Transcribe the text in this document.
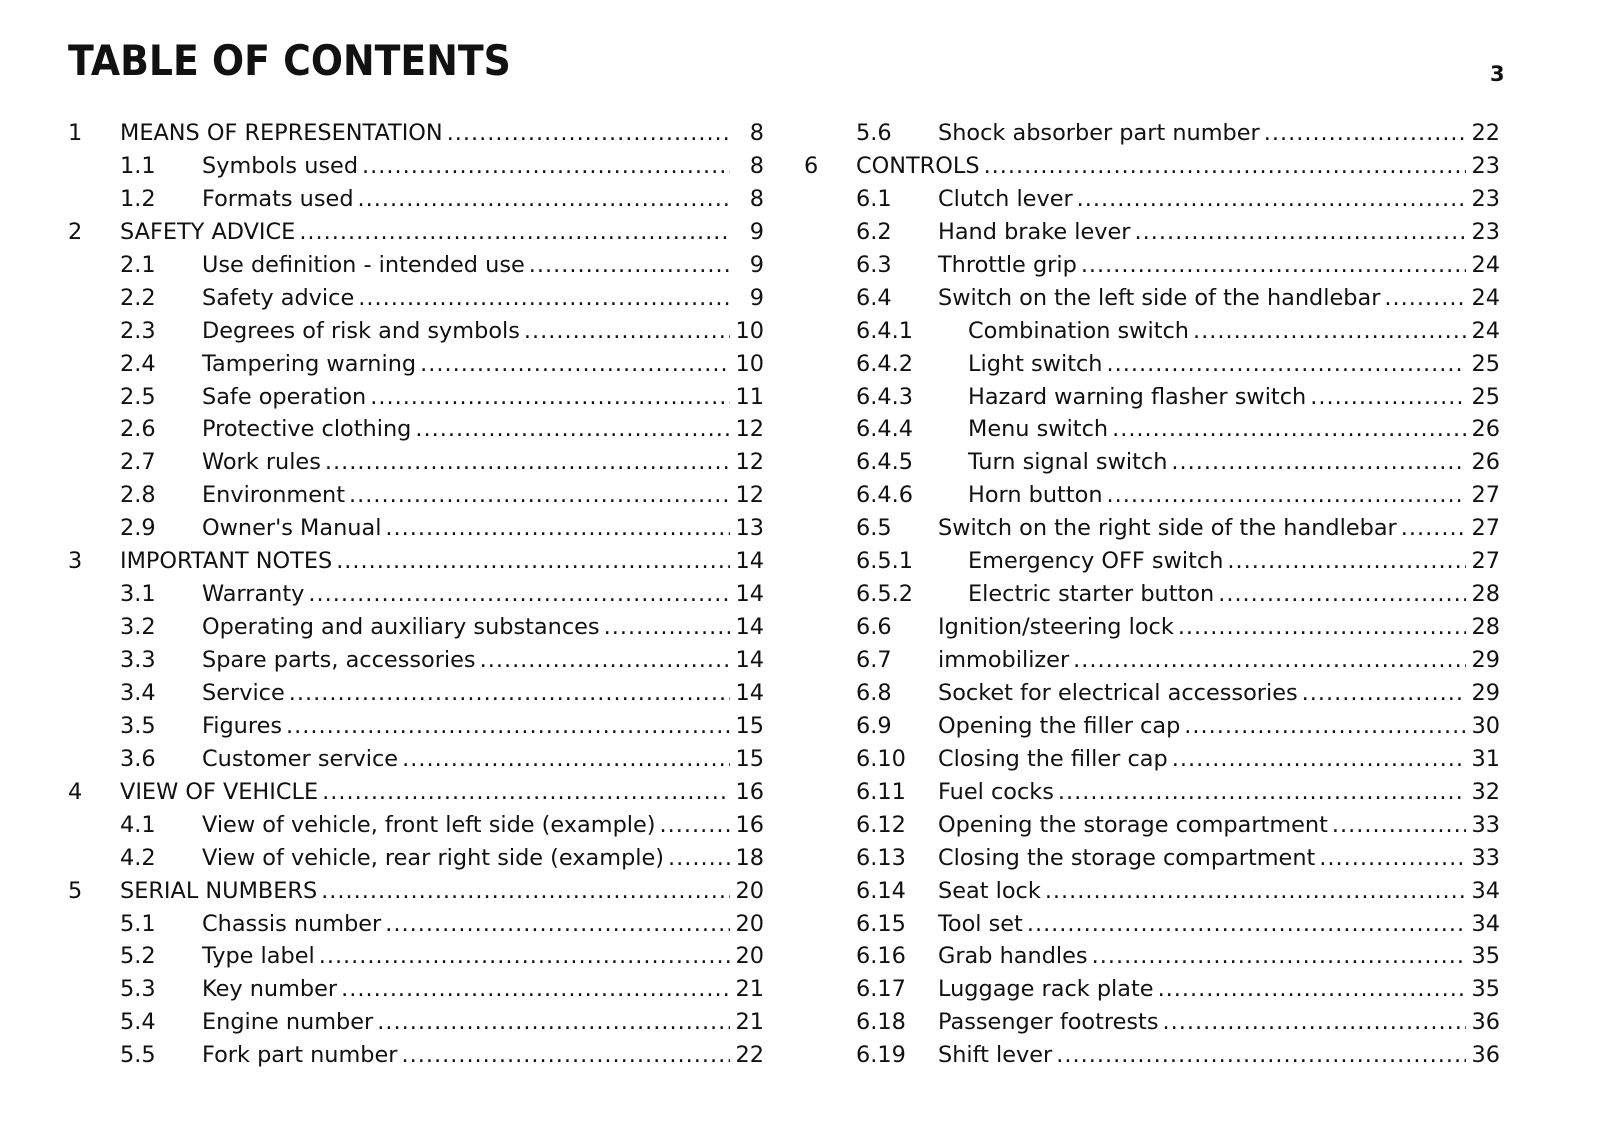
TABLE OF CONTENTS	3
1 MEANS OF REPRESENTATION .....	8
1.1 Symbols used .....	8
1.2 Formats used .....	8
2 SAFETY ADVICE .....	9
2.1 Use definition - intended use .....	9
2.2 Safety advice .....	9
2.3 Degrees of risk and symbols .....	10
2.4 Tampering warning .....	10
2.5 Safe operation .....	11
2.6 Protective clothing .....	12
2.7 Work rules .....	12
2.8 Environment .....	12
2.9 Owner's Manual .....	13
3 IMPORTANT NOTES .....	14
3.1 Warranty .....	14
3.2 Operating and auxiliary substances .....	14
3.3 Spare parts, accessories .....	14
3.4 Service .....	14
3.5 Figures .....	15
3.6 Customer service .....	15
4 VIEW OF VEHICLE .....	16
4.1 View of vehicle, front left side (example) .....	16
4.2 View of vehicle, rear right side (example) .....	18
5 SERIAL NUMBERS .....	20
5.1 Chassis number .....	20
5.2 Type label .....	20
5.3 Key number .....	21
5.4 Engine number .....	21
5.5 Fork part number .....	22
5.6 Shock absorber part number .....	22
6 CONTROLS .....	23
6.1 Clutch lever .....	23
6.2 Hand brake lever .....	23
6.3 Throttle grip .....	24
6.4 Switch on the left side of the handlebar .....	24
6.4.1 Combination switch .....	24
6.4.2 Light switch .....	25
6.4.3 Hazard warning flasher switch .....	25
6.4.4 Menu switch .....	26
6.4.5 Turn signal switch .....	26
6.4.6 Horn button .....	27
6.5 Switch on the right side of the handlebar .....	27
6.5.1 Emergency OFF switch .....	27
6.5.2 Electric starter button .....	28
6.6 Ignition/steering lock .....	28
6.7 immobilizer .....	29
6.8 Socket for electrical accessories .....	29
6.9 Opening the filler cap .....	30
6.10 Closing the filler cap .....	31
6.11 Fuel cocks .....	32
6.12 Opening the storage compartment .....	33
6.13 Closing the storage compartment .....	33
6.14 Seat lock .....	34
6.15 Tool set .....	34
6.16 Grab handles .....	35
6.17 Luggage rack plate .....	35
6.18 Passenger footrests .....	36
6.19 Shift lever .....	36
